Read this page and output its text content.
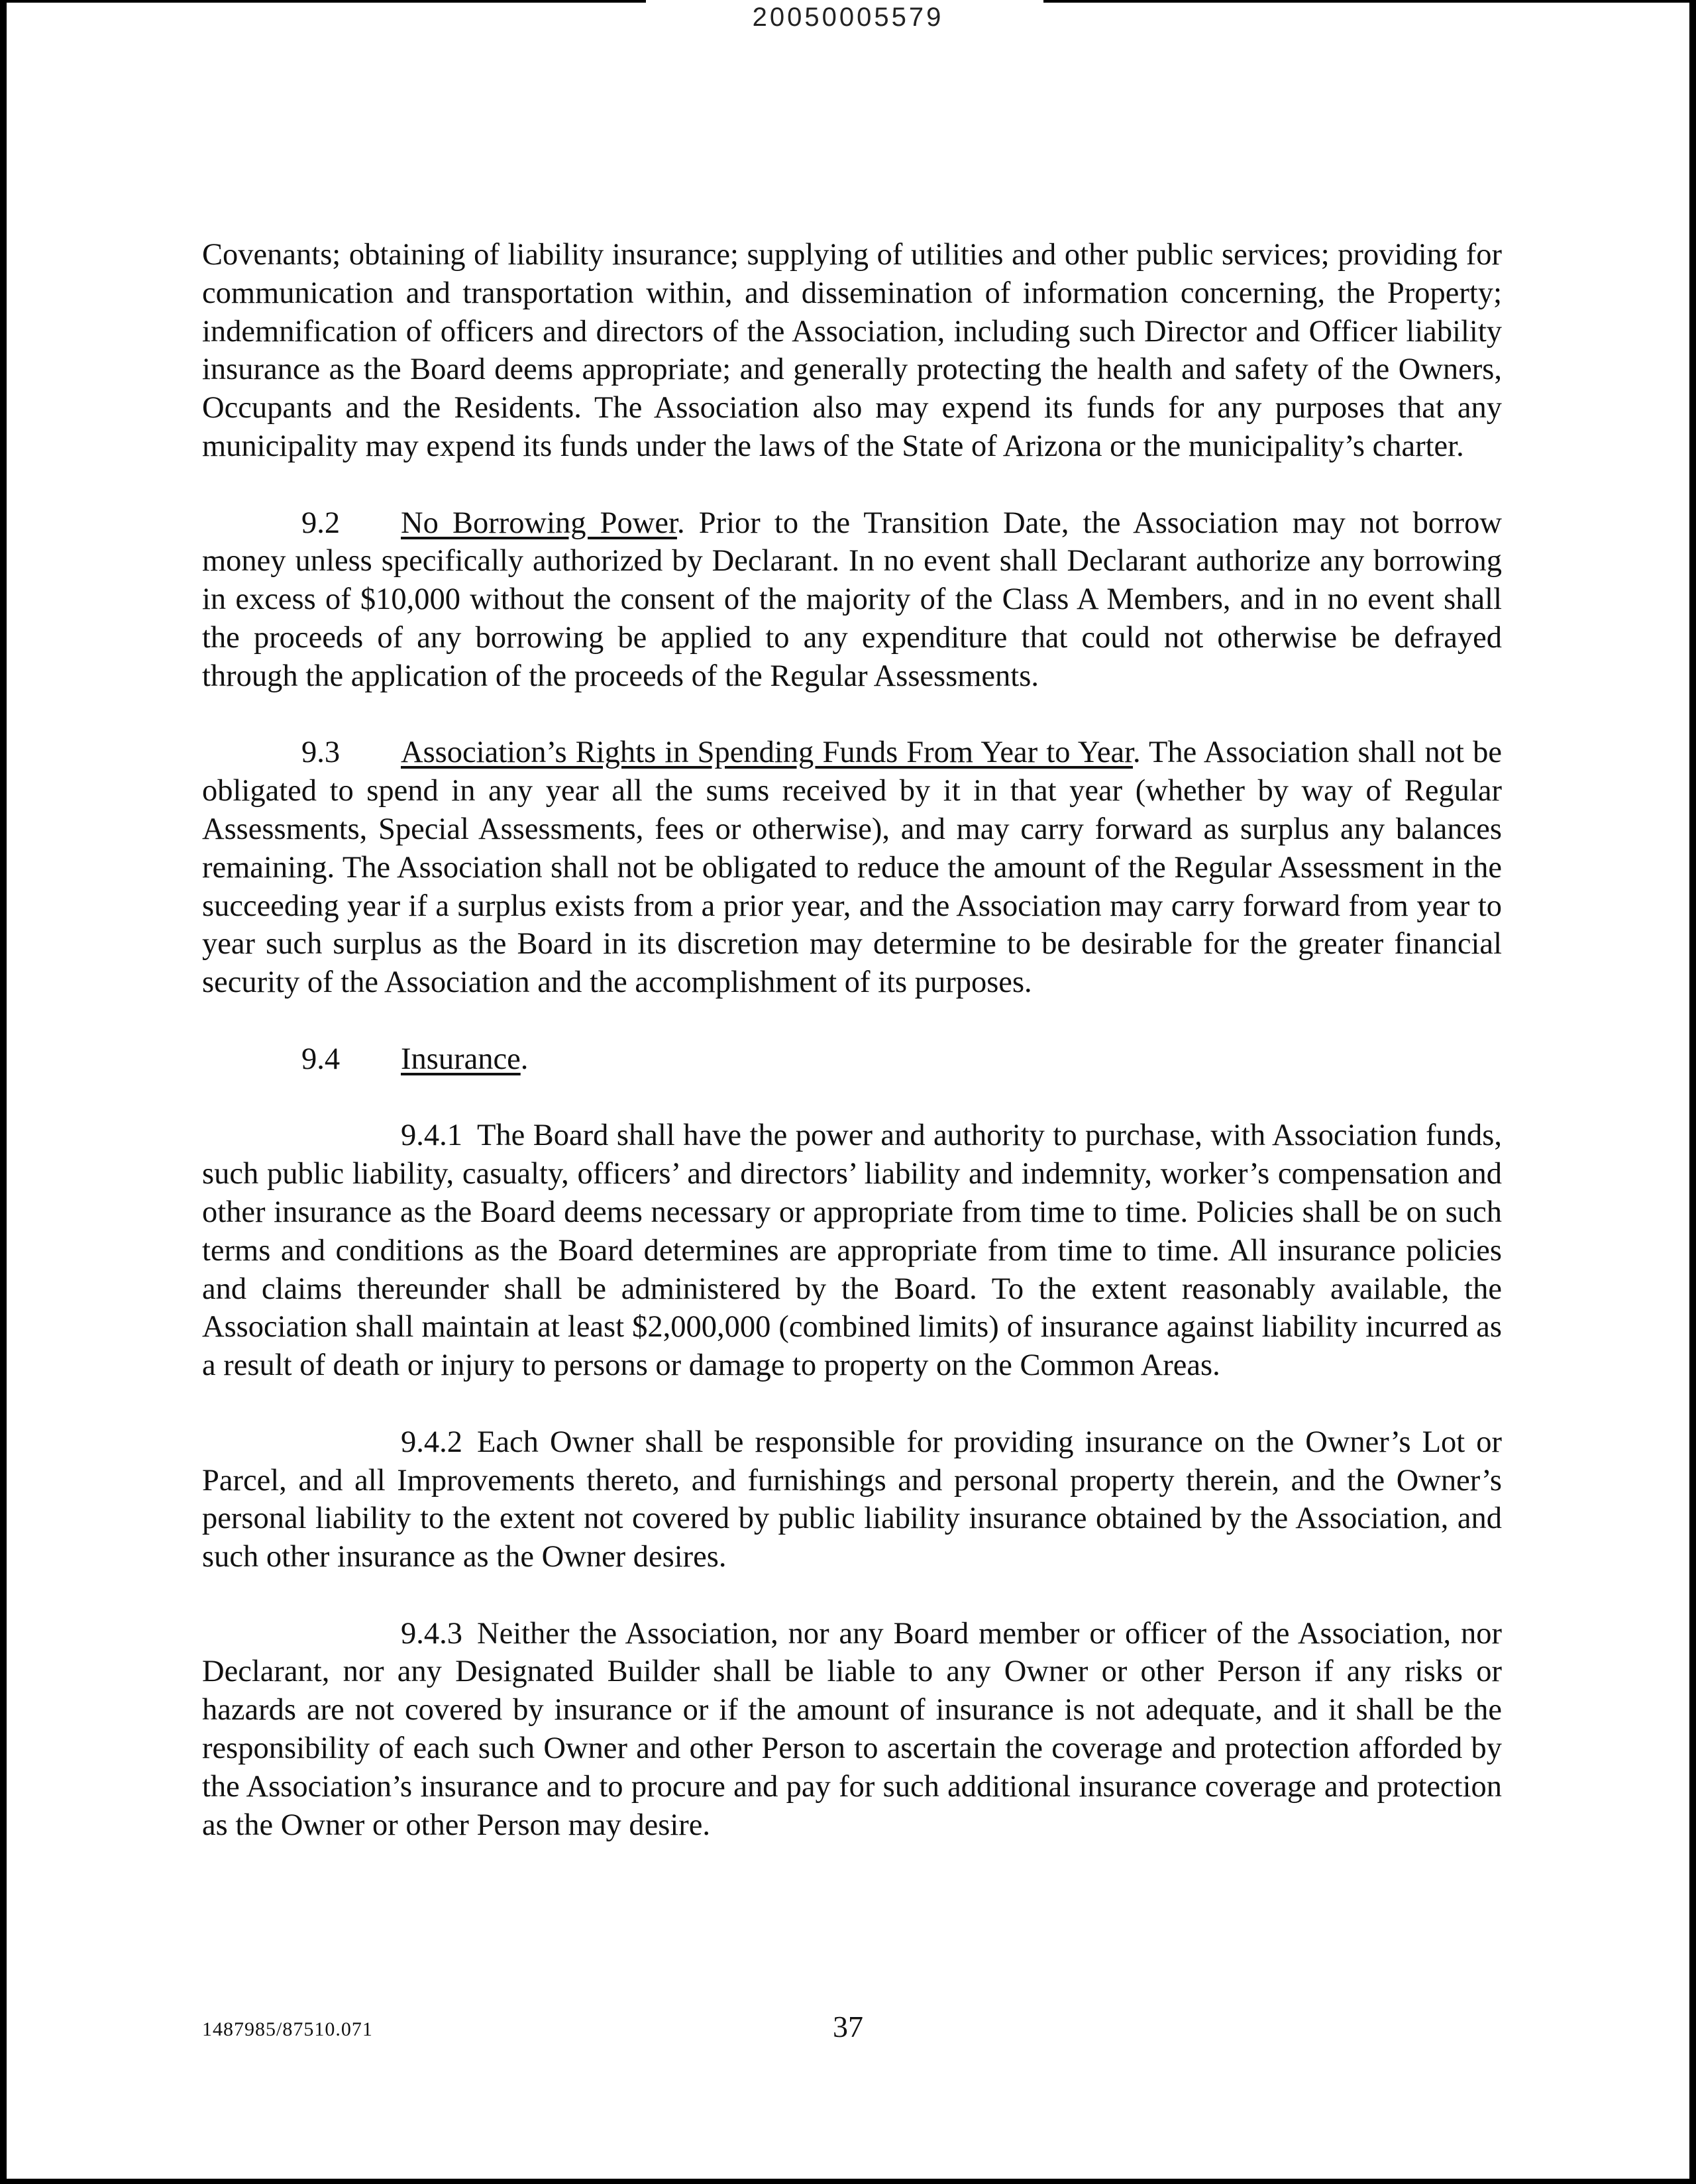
20050005579

Covenants; obtaining of liability insurance; supplying of utilities and other public services; providing for communication and transportation within, and dissemination of information concerning, the Property; indemnification of officers and directors of the Association, including such Director and Officer liability insurance as the Board deems appropriate; and generally protecting the health and safety of the Owners, Occupants and the Residents. The Association also may expend its funds for any purposes that any municipality may expend its funds under the laws of the State of Arizona or the municipality’s charter.

9.2 No Borrowing Power. Prior to the Transition Date, the Association may not borrow money unless specifically authorized by Declarant. In no event shall Declarant authorize any borrowing in excess of $10,000 without the consent of the majority of the Class A Members, and in no event shall the proceeds of any borrowing be applied to any expenditure that could not otherwise be defrayed through the application of the proceeds of the Regular Assessments.

9.3 Association’s Rights in Spending Funds From Year to Year. The Association shall not be obligated to spend in any year all the sums received by it in that year (whether by way of Regular Assessments, Special Assessments, fees or otherwise), and may carry forward as surplus any balances remaining. The Association shall not be obligated to reduce the amount of the Regular Assessment in the succeeding year if a surplus exists from a prior year, and the Association may carry forward from year to year such surplus as the Board in its discretion may determine to be desirable for the greater financial security of the Association and the accomplishment of its purposes.

9.4 Insurance.

9.4.1 The Board shall have the power and authority to purchase, with Association funds, such public liability, casualty, officers’ and directors’ liability and indemnity, worker’s compensation and other insurance as the Board deems necessary or appropriate from time to time. Policies shall be on such terms and conditions as the Board determines are appropriate from time to time. All insurance policies and claims thereunder shall be administered by the Board. To the extent reasonably available, the Association shall maintain at least $2,000,000 (combined limits) of insurance against liability incurred as a result of death or injury to persons or damage to property on the Common Areas.

9.4.2 Each Owner shall be responsible for providing insurance on the Owner’s Lot or Parcel, and all Improvements thereto, and furnishings and personal property therein, and the Owner’s personal liability to the extent not covered by public liability insurance obtained by the Association, and such other insurance as the Owner desires.

9.4.3 Neither the Association, nor any Board member or officer of the Association, nor Declarant, nor any Designated Builder shall be liable to any Owner or other Person if any risks or hazards are not covered by insurance or if the amount of insurance is not adequate, and it shall be the responsibility of each such Owner and other Person to ascertain the coverage and protection afforded by the Association’s insurance and to procure and pay for such additional insurance coverage and protection as the Owner or other Person may desire.

1487985/87510.071	37
